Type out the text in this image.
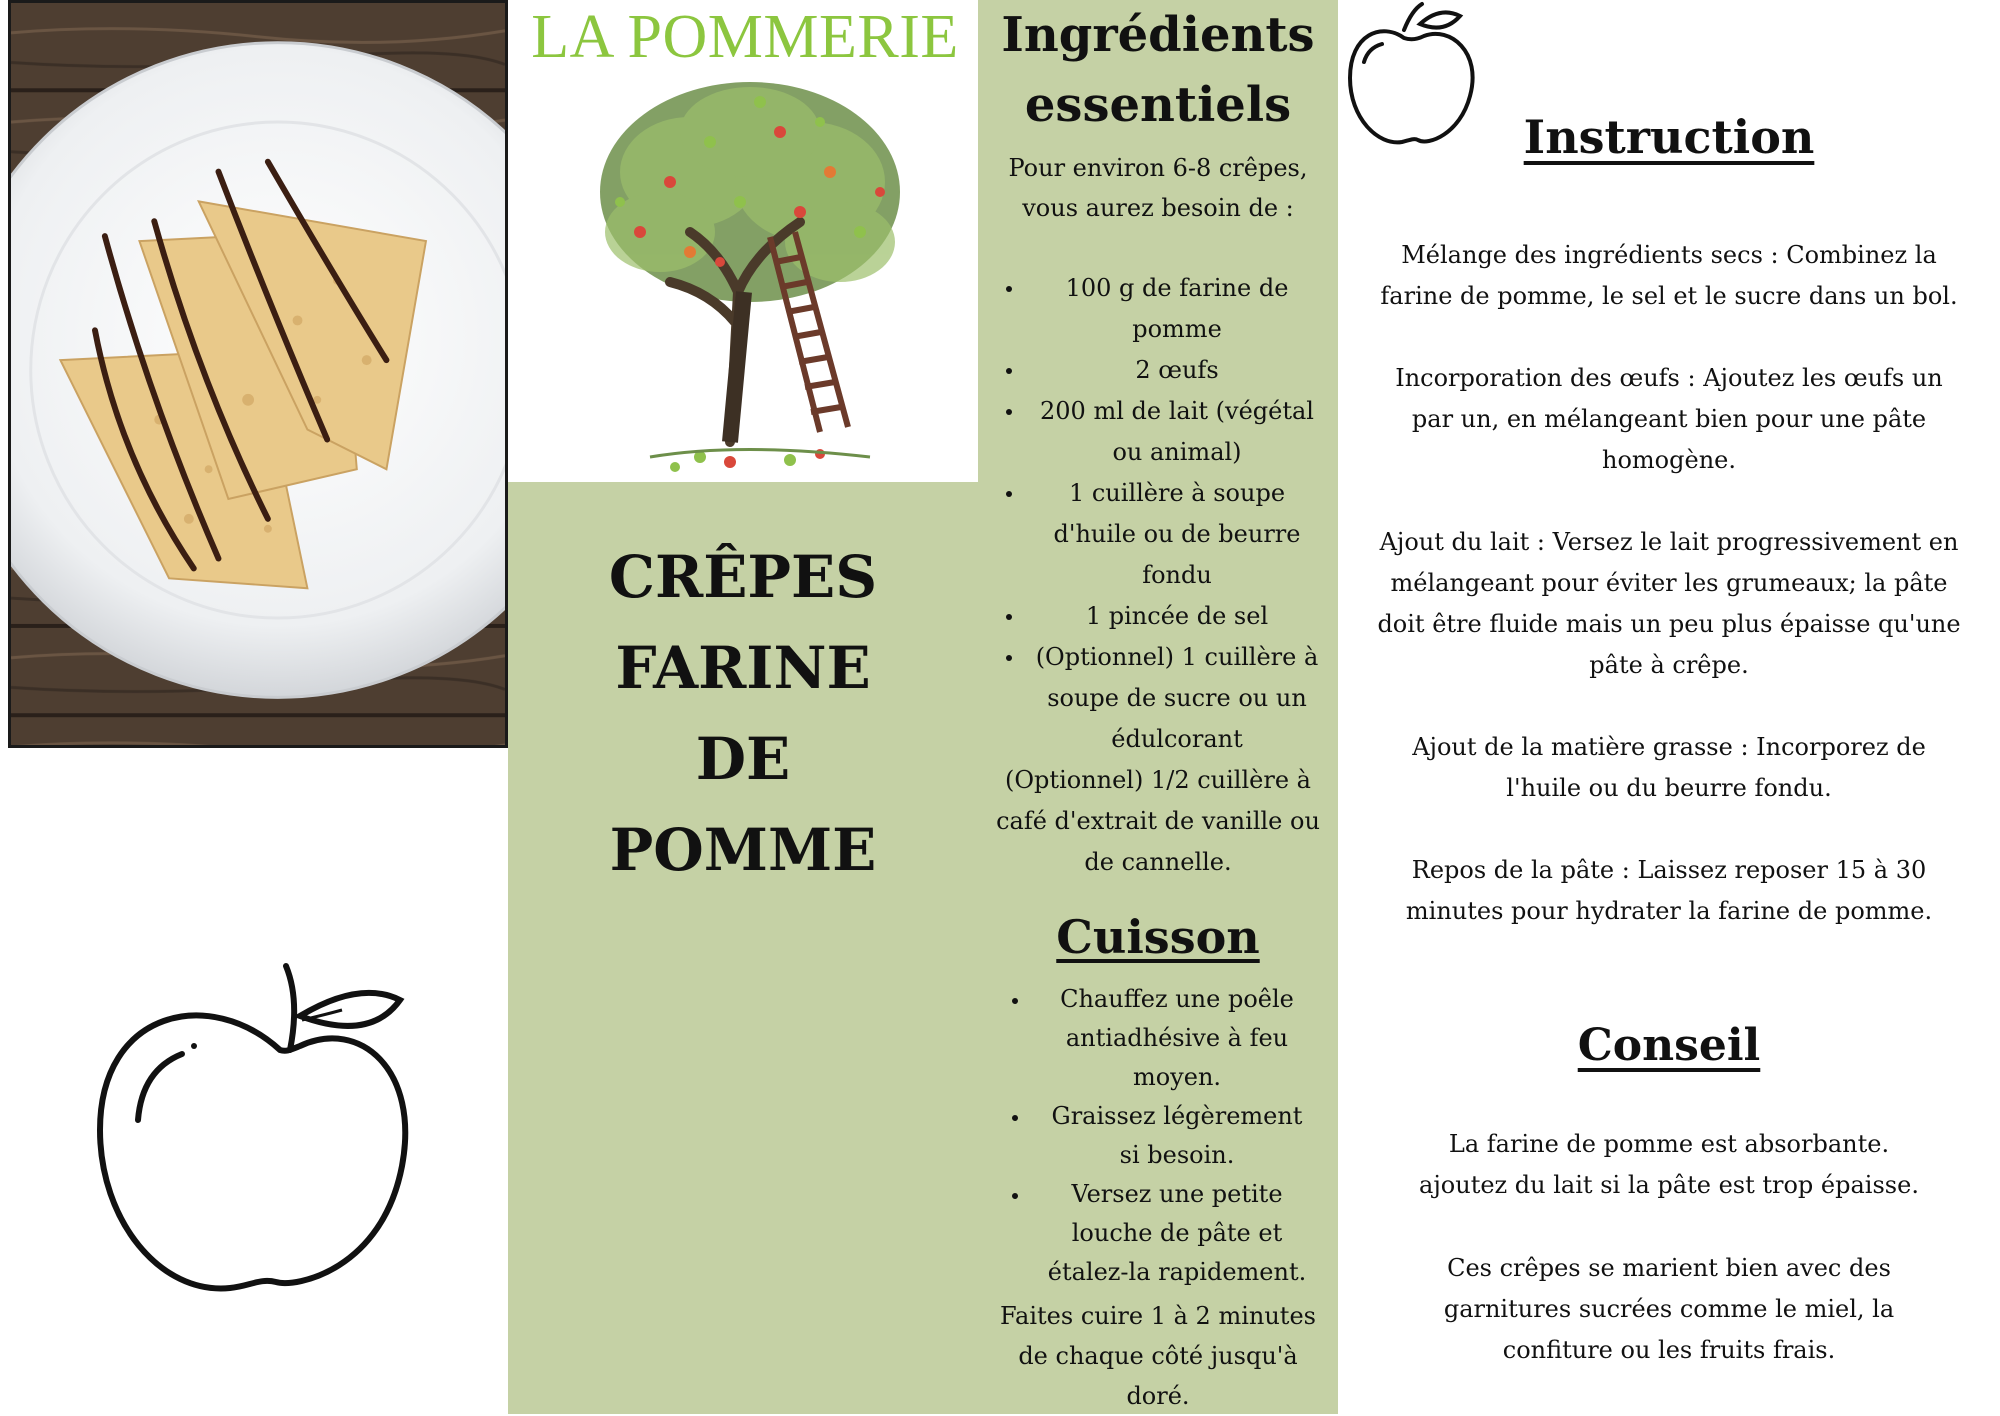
LA POMMERIE
CRÊPES
FARINE
DE
POMME
Ingrédients
essentiels
Pour environ 6-8 crêpes,
vous aurez besoin de :
100 g de farine de
pomme
2 œufs
200 ml de lait (végétal
ou animal)
1 cuillère à soupe
d'huile ou de beurre
fondu
1 pincée de sel
(Optionnel) 1 cuillère à
soupe de sucre ou un
édulcorant
(Optionnel) 1/2 cuillère à
café d'extrait de vanille ou
de cannelle.
Cuisson
Chauffez une poêle
antiadhésive à feu
moyen.
Graissez légèrement
si besoin.
Versez une petite
louche de pâte et
étalez-la rapidement.
Faites cuire 1 à 2 minutes
de chaque côté jusqu'à
doré.
Instruction
Mélange des ingrédients secs : Combinez la
farine de pomme, le sel et le sucre dans un bol.
Incorporation des œufs : Ajoutez les œufs un
par un, en mélangeant bien pour une pâte
homogène.
Ajout du lait : Versez le lait progressivement en
mélangeant pour éviter les grumeaux; la pâte
doit être fluide mais un peu plus épaisse qu'une
pâte à crêpe.
Ajout de la matière grasse : Incorporez de
l'huile ou du beurre fondu.
Repos de la pâte : Laissez reposer 15 à 30
minutes pour hydrater la farine de pomme.
Conseil
La farine de pomme est absorbante.
ajoutez du lait si la pâte est trop épaisse.
Ces crêpes se marient bien avec des
garnitures sucrées comme le miel, la
confiture ou les fruits frais.
